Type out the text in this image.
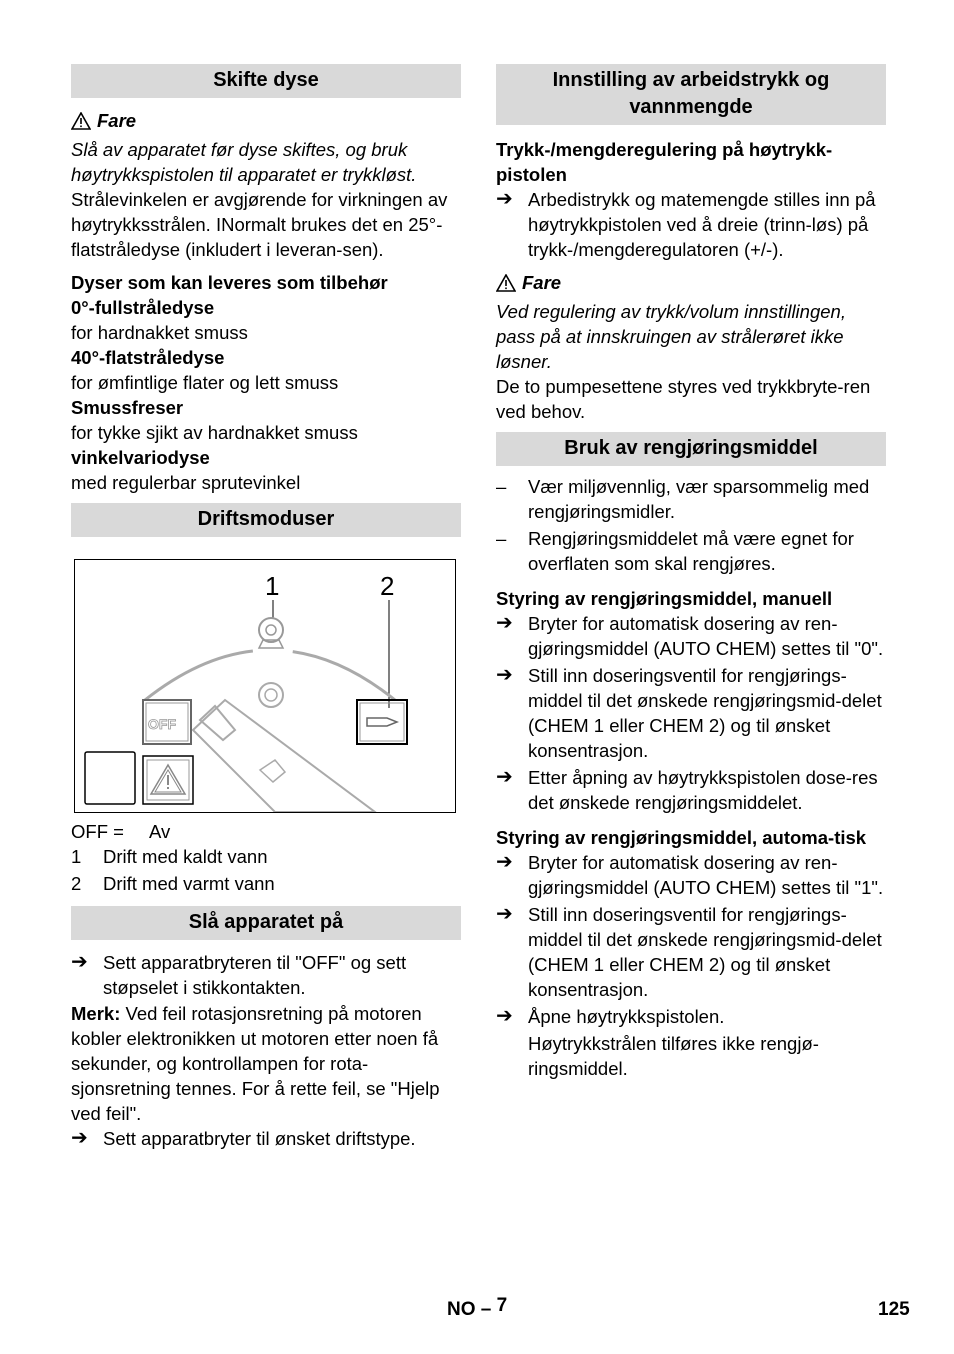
Skifte dyse
Fare

Slå av apparatet før dyse skiftes, og bruk høytrykkspistolen til apparatet er trykkløst.

Strålevinkelen er avgjørende for virkningen av høytrykksstrålen. INormalt brukes det en 25°-flatstråledyse (inkludert i leveran-sen).

Dyser som kan leveres som tilbehør

0°-fullstråledyse

for hardnakket smuss

40°-flatstråledyse

for ømfintlige flater og lett smuss

Smussfreser

for tykke sjikt av hardnakket smuss

vinkelvariodyse

med regulerbar sprutevinkel

Driftsmoduser
1	2
OFF
OFF =	Av
1	Drift med kaldt vann
2	Drift med varmt vann
Slå apparatet på
➔ Sett apparatbryteren til "OFF" og sett støpselet i stikkontakten.

Merk: Ved feil rotasjonsretning på motoren kobler elektronikken ut motoren etter noen få sekunder, og kontrollampen for rota-sjonsretning tennes. For å rette feil, se "Hjelp ved feil".

➔ Sett apparatbryter til ønsket driftstype.
Innstilling av arbeidstrykk og vannmengde

Trykk-/mengderegulering på høytrykk-pistolen

➔ Arbedistrykk og matemengde stilles inn på høytrykkpistolen ved å dreie (trinn-løs) på trykk-/mengderegulatoren (+/-).
Fare

Ved regulering av trykk/volum innstillingen, pass på at innskruingen av strålerøret ikke løsner.

De to pumpesettene styres ved trykkbryte-ren ved behov.

Bruk av rengjøringsmiddel
–	Vær miljøvennlig, vær sparsommelig med rengjøringsmidler.
–	Rengjøringsmiddelet må være egnet for overflaten som skal rengjøres.

Styring av rengjøringsmiddel, manuell

➔ Bryter for automatisk dosering av ren-gjøringsmiddel (AUTO CHEM) settes til "0".
➔ Still inn doseringsventil for rengjørings-middel til det ønskede rengjøringsmid-delet (CHEM 1 eller CHEM 2) og til ønsket konsentrasjon.
➔ Etter åpning av høytrykkspistolen dose-res det ønskede rengjøringsmiddelet.

Styring av rengjøringsmiddel, automa-tisk

➔ Bryter for automatisk dosering av ren-gjøringsmiddel (AUTO CHEM) settes til "1".
➔ Still inn doseringsventil for rengjørings-middel til det ønskede rengjøringsmid-delet (CHEM 1 eller CHEM 2) og til ønsket konsentrasjon.
➔ Åpne høytrykkspistolen.

Høytrykkstrålen tilføres ikke rengjø-ringsmiddel.

NO – 7	125
